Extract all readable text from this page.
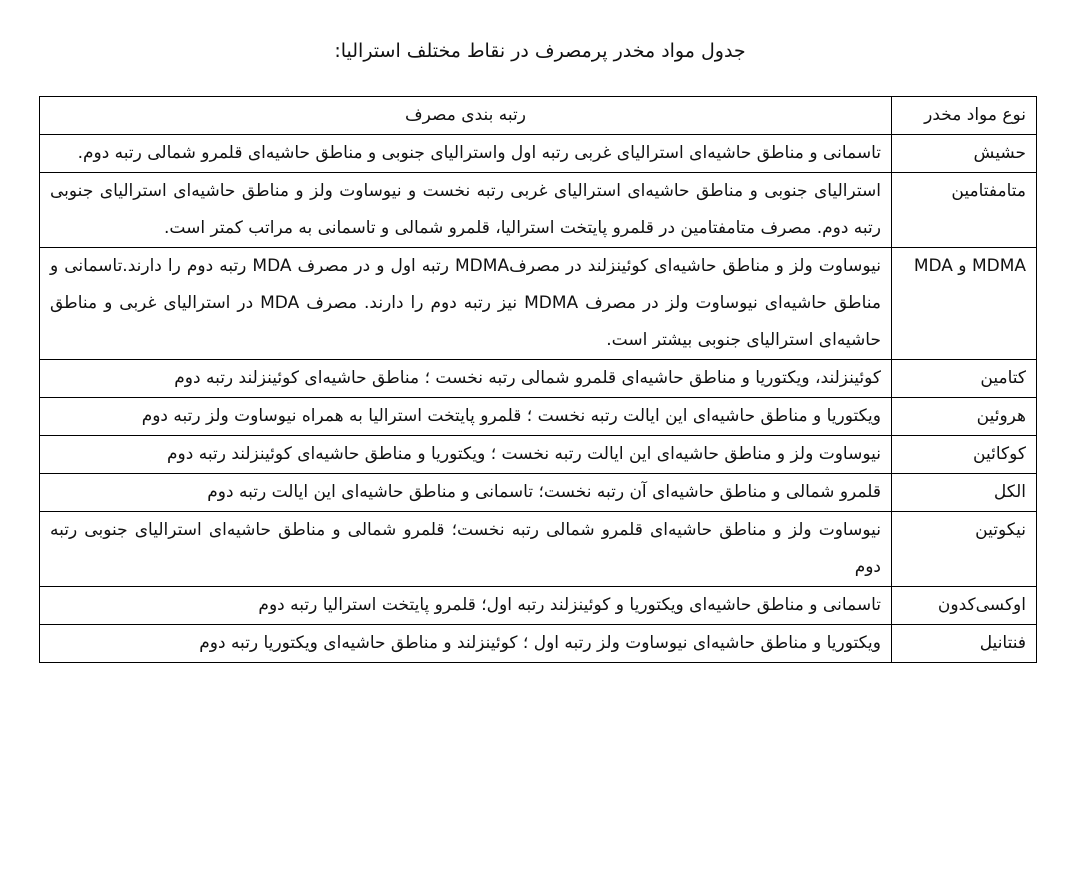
جدول مواد مخدر پرمصرف در نقاط مختلف استرالیا:
نوع مواد مخدر	رتبه بندی مصرف
حشیش	تاسمانی و مناطق حاشیه‌ای استرالیای غربی رتبه اول واسترالیای جنوبی و مناطق حاشیه‌ای قلمرو شمالی رتبه دوم.
متامفتامین	استرالیای جنوبی و مناطق حاشیه‌ای استرالیای غربی رتبه نخست و نیوساوت ولز و مناطق حاشیه‌ای استرالیای جنوبی رتبه دوم. مصرف متامفتامین در قلمرو پایتخت استرالیا، قلمرو شمالی و تاسمانی به مراتب کمتر است.
MDMA و MDA	نیوساوت ولز و مناطق حاشیه‌ای کوئینزلند در مصرفMDMA رتبه اول و در مصرف MDA رتبه دوم را دارند.تاسمانی و مناطق حاشیه‌ای نیوساوت ولز در مصرف MDMA نیز رتبه دوم را دارند. مصرف MDA در استرالیای غربی و مناطق حاشیه‌ای استرالیای جنوبی بیشتر است.
کتامین	کوئینزلند، ویکتوریا و مناطق حاشیه‌ای قلمرو شمالی رتبه نخست ؛ مناطق حاشیه‌ای کوئینزلند رتبه دوم
هروئین	ویکتوریا و مناطق حاشیه‌ای این ایالت رتبه نخست ؛ قلمرو پایتخت استرالیا به همراه نیوساوت ولز رتبه دوم
کوکائین	نیوساوت ولز و مناطق حاشیه‌ای این ایالت رتبه نخست ؛ ویکتوریا و مناطق حاشیه‌ای کوئینزلند رتبه دوم
الکل	قلمرو شمالی و مناطق حاشیه‌ای آن رتبه نخست؛ تاسمانی و مناطق حاشیه‌ای این ایالت رتبه دوم
نیکوتین	نیوساوت ولز و مناطق حاشیه‌ای قلمرو شمالی رتبه نخست؛ قلمرو شمالی و مناطق حاشیه‌ای استرالیای جنوبی رتبه دوم
اوکسی‌کدون	تاسمانی و مناطق حاشیه‌ای ویکتوریا و کوئینزلند رتبه اول؛ قلمرو پایتخت استرالیا رتبه دوم
فنتانیل	ویکتوریا و مناطق حاشیه‌ای نیوساوت ولز رتبه اول ؛ کوئینزلند و مناطق حاشیه‌ای ویکتوریا رتبه دوم
